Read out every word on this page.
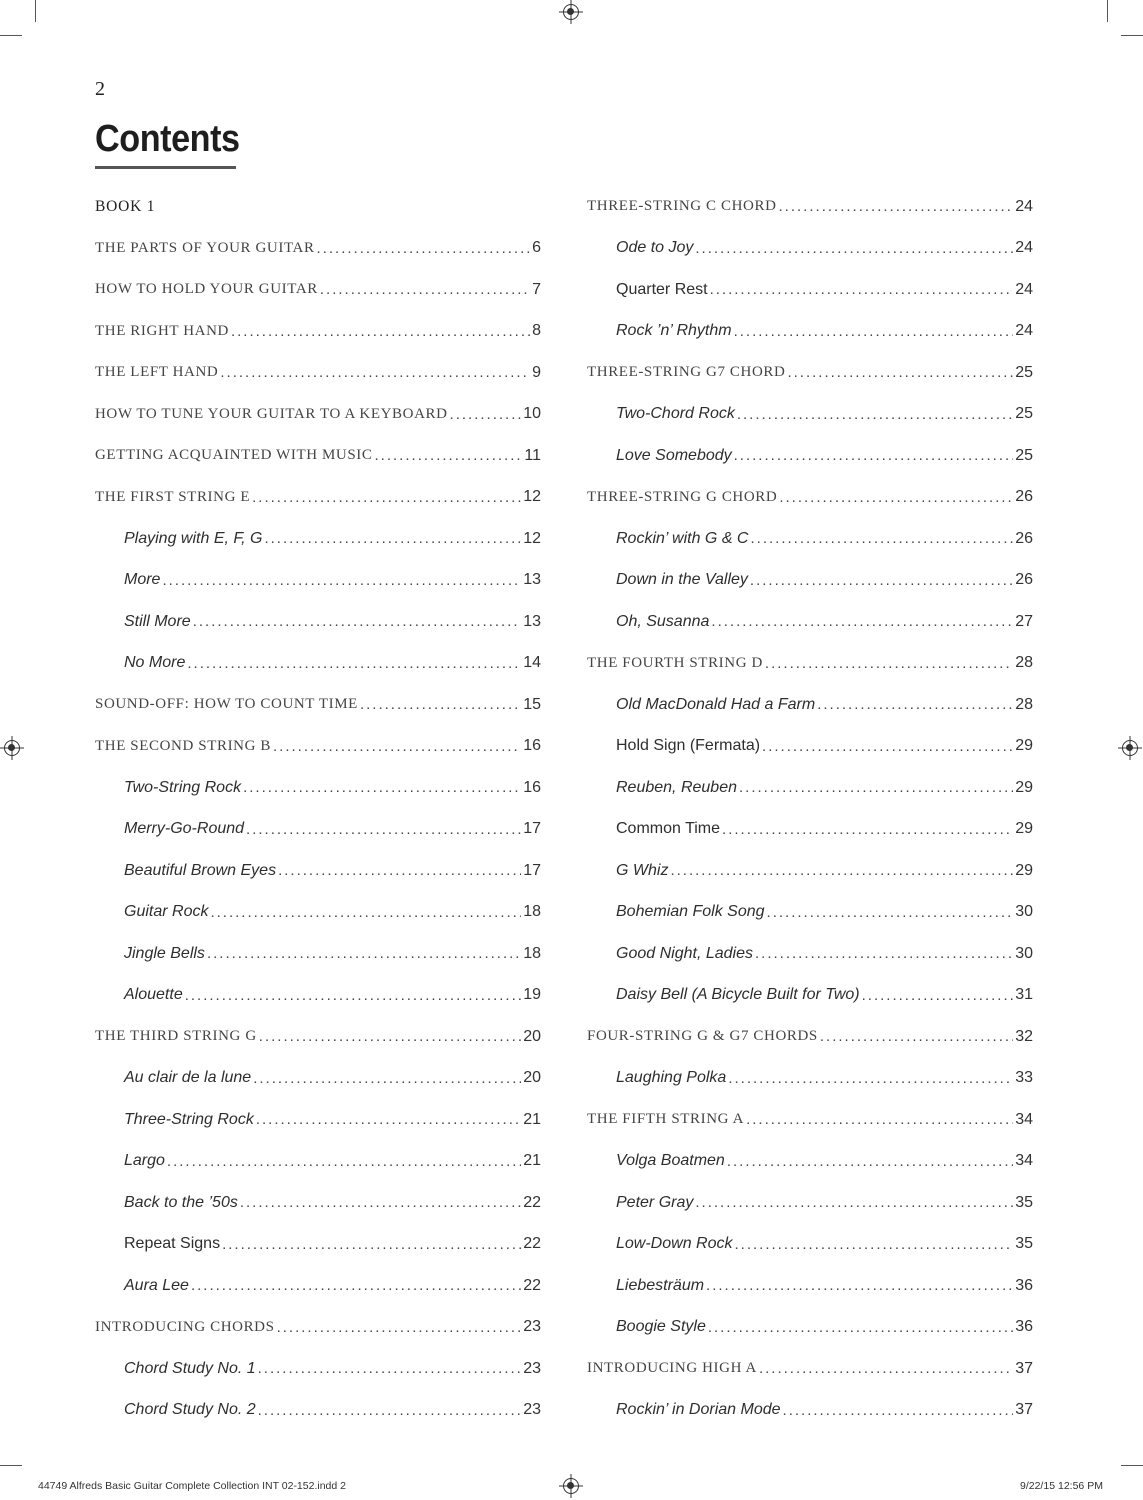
2
Contents
BOOK 1
THE PARTS OF YOUR GUITAR .....	6
HOW TO HOLD YOUR GUITAR .....	7
THE RIGHT HAND .....	8
THE LEFT HAND .....	9
HOW TO TUNE YOUR GUITAR TO A KEYBOARD .....	10
GETTING ACQUAINTED WITH MUSIC .....	11
THE FIRST STRING E .....	12
Playing with E, F, G .....	12
More .....	13
Still More .....	13
No More .....	14
SOUND-OFF: HOW TO COUNT TIME .....	15
THE SECOND STRING B .....	16
Two-String Rock .....	16
Merry-Go-Round .....	17
Beautiful Brown Eyes .....	17
Guitar Rock .....	18
Jingle Bells .....	18
Alouette .....	19
THE THIRD STRING G .....	20
Au clair de la lune .....	20
Three-String Rock .....	21
Largo .....	21
Back to the ’50s .....	22
Repeat Signs .....	22
Aura Lee .....	22
INTRODUCING CHORDS .....	23
Chord Study No. 1 .....	23
Chord Study No. 2 .....	23
THREE-STRING C CHORD .....	24
Ode to Joy .....	24
Quarter Rest .....	24
Rock ’n’ Rhythm .....	24
THREE-STRING G7 CHORD .....	25
Two-Chord Rock .....	25
Love Somebody .....	25
THREE-STRING G CHORD .....	26
Rockin’ with G & C .....	26
Down in the Valley .....	26
Oh, Susanna .....	27
THE FOURTH STRING D .....	28
Old MacDonald Had a Farm .....	28
Hold Sign (Fermata) .....	29
Reuben, Reuben .....	29
Common Time .....	29
G Whiz .....	29
Bohemian Folk Song .....	30
Good Night, Ladies .....	30
Daisy Bell (A Bicycle Built for Two) .....	31
FOUR-STRING G & G7 CHORDS .....	32
Laughing Polka .....	33
THE FIFTH STRING A .....	34
Volga Boatmen .....	34
Peter Gray .....	35
Low-Down Rock .....	35
Liebesträum .....	36
Boogie Style .....	36
INTRODUCING HIGH A .....	37
Rockin’ in Dorian Mode .....	37
44749 Alfreds Basic Guitar Complete Collection INT 02-152.indd 2	9/22/15 12:56 PM
